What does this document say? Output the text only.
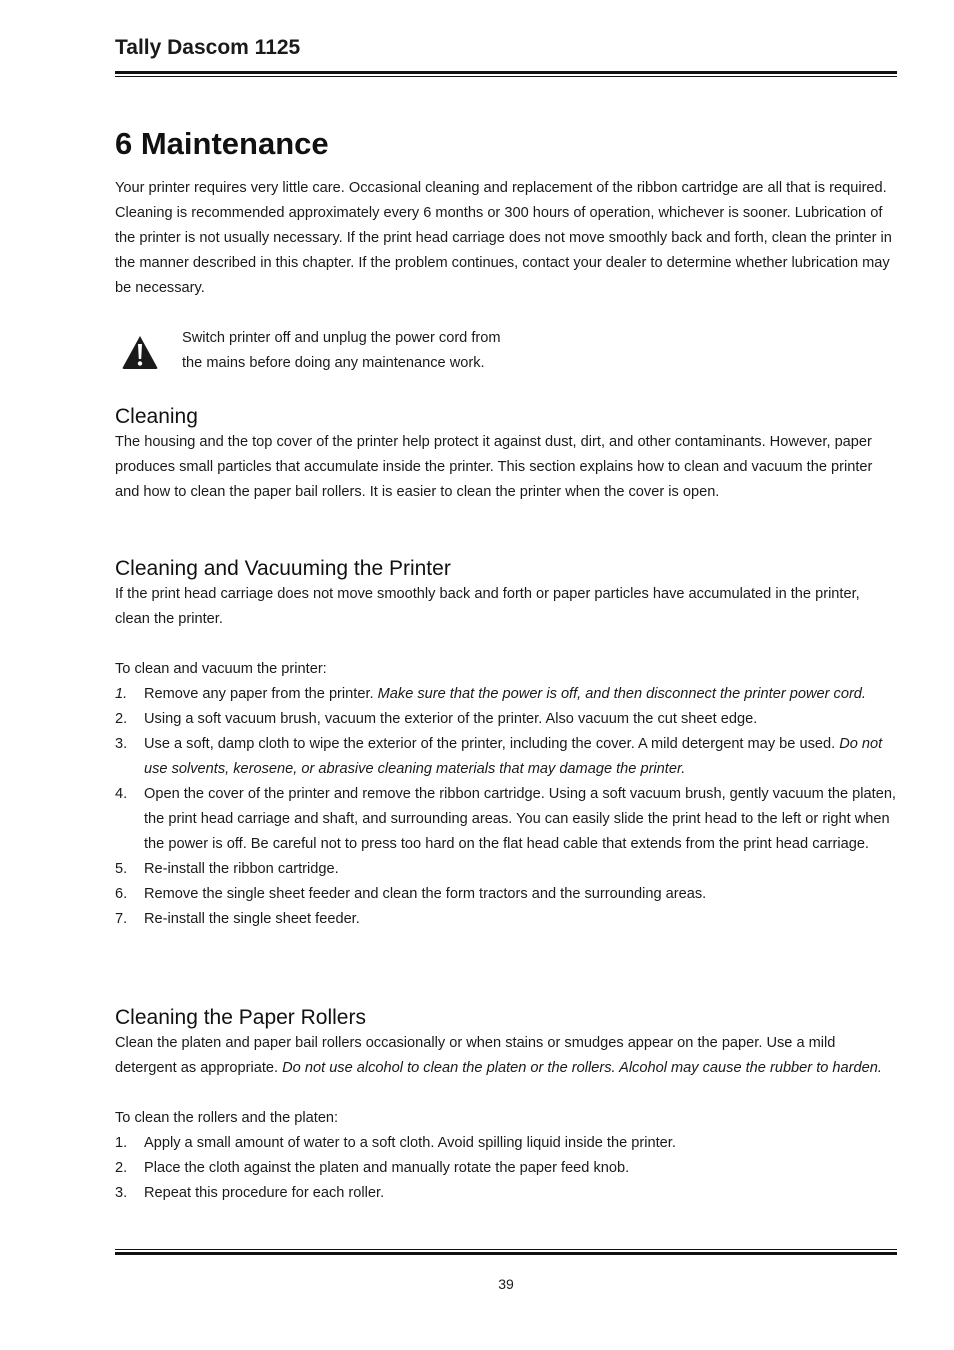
Tally Dascom 1125
6 Maintenance
Your printer requires very little care. Occasional cleaning and replacement of the ribbon cartridge are all that is required. Cleaning is recommended approximately every 6 months or 300 hours of operation, whichever is sooner. Lubrication of the printer is not usually necessary. If the print head carriage does not move smoothly back and forth, clean the printer in the manner described in this chapter. If the problem continues, contact your dealer to determine whether lubrication may be necessary.
Switch printer off and unplug the power cord from
the mains before doing any maintenance work.
Cleaning
The housing and the top cover of the printer help protect it against dust, dirt, and other contaminants. However, paper produces small particles that accumulate inside the printer. This section explains how to clean and vacuum the printer and how to clean the paper bail rollers. It is easier to clean the printer when the cover is open.
Cleaning and Vacuuming the Printer
If the print head carriage does not move smoothly back and forth or paper particles have accumulated in the printer, clean the printer.
To clean and vacuum the printer:
1. Remove any paper from the printer. Make sure that the power is off, and then disconnect the printer power cord.
2. Using a soft vacuum brush, vacuum the exterior of the printer. Also vacuum the cut sheet edge.
3. Use a soft, damp cloth to wipe the exterior of the printer, including the cover. A mild detergent may be used. Do not use solvents, kerosene, or abrasive cleaning materials that may damage the printer.
4. Open the cover of the printer and remove the ribbon cartridge. Using a soft vacuum brush, gently vacuum the platen, the print head carriage and shaft, and surrounding areas. You can easily slide the print head to the left or right when the power is off. Be careful not to press too hard on the flat head cable that extends from the print head carriage.
5. Re-install the ribbon cartridge.
6. Remove the single sheet feeder and clean the form tractors and the surrounding areas.
7. Re-install the single sheet feeder.
Cleaning the Paper Rollers
Clean the platen and paper bail rollers occasionally or when stains or smudges appear on the paper. Use a mild detergent as appropriate. Do not use alcohol to clean the platen or the rollers. Alcohol may cause the rubber to harden.
To clean the rollers and the platen:
1. Apply a small amount of water to a soft cloth. Avoid spilling liquid inside the printer.
2. Place the cloth against the platen and manually rotate the paper feed knob.
3. Repeat this procedure for each roller.
39
